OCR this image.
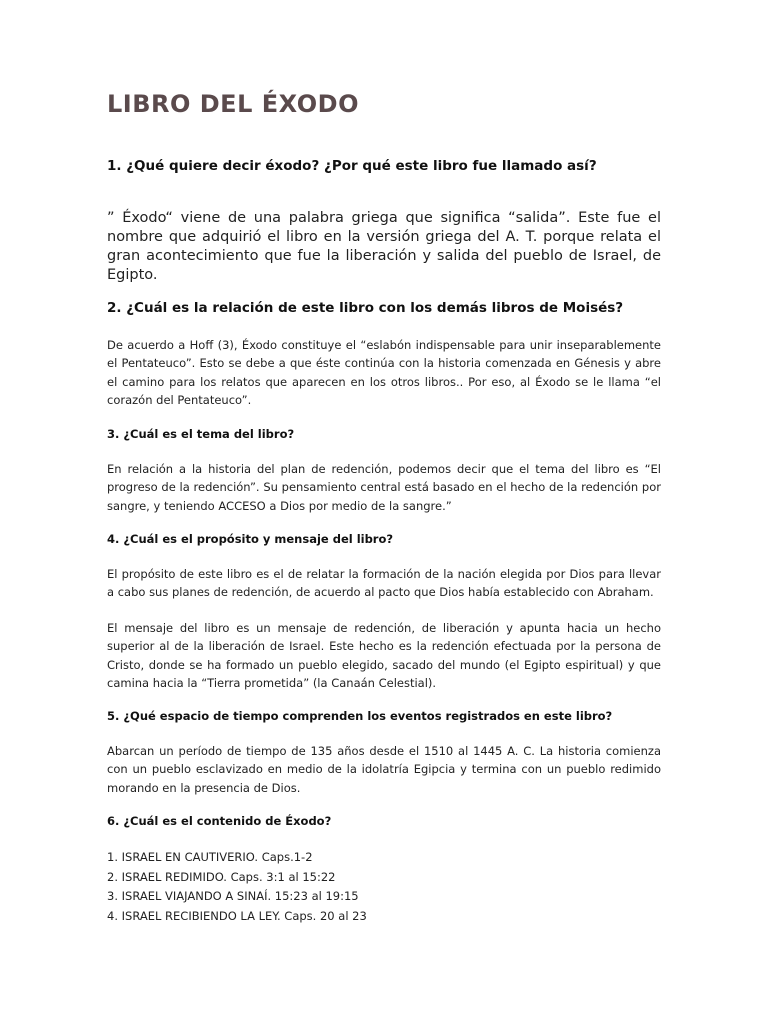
LIBRO DEL ÉXODO
1. ¿Qué quiere decir éxodo? ¿Por qué este libro fue llamado así?

” Éxodo“ viene de una palabra griega que significa “salida”. Este fue el nombre que adquirió el libro en la versión griega del A. T. porque relata el gran acontecimiento que fue la liberación y salida del pueblo de Israel, de Egipto.

2. ¿Cuál es la relación de este libro con los demás libros de Moisés?

De acuerdo a Hoff (3), Éxodo constituye el “eslabón indispensable para unir inseparablemente el Pentateuco”. Esto se debe a que éste continúa con la historia comenzada en Génesis y abre el camino para los relatos que aparecen en los otros libros.. Por eso, al Éxodo se le llama “el corazón del Pentateuco”.

3. ¿Cuál es el tema del libro?

En relación a la historia del plan de redención, podemos decir que el tema del libro es “El progreso de la redención”. Su pensamiento central está basado en el hecho de la redención por sangre, y teniendo ACCESO a Dios por medio de la sangre.”

4. ¿Cuál es el propósito y mensaje del libro?

El propósito de este libro es el de relatar la formación de la nación elegida por Dios para llevar a cabo sus planes de redención, de acuerdo al pacto que Dios había establecido con Abraham.

El mensaje del libro es un mensaje de redención, de liberación y apunta hacia un hecho superior al de la liberación de Israel. Este hecho es la redención efectuada por la persona de Cristo, donde se ha formado un pueblo elegido, sacado del mundo (el Egipto espiritual) y que camina hacia la “Tierra prometida” (la Canaán Celestial).

5. ¿Qué espacio de tiempo comprenden los eventos registrados en este libro?

Abarcan un período de tiempo de 135 años desde el 1510 al 1445 A. C. La historia comienza con un pueblo esclavizado en medio de la idolatría Egipcia y termina con un pueblo redimido morando en la presencia de Dios.

6. ¿Cuál es el contenido de Éxodo?
1. ISRAEL EN CAUTIVERIO. Caps.1-2
2. ISRAEL REDIMIDO. Caps. 3:1 al 15:22
3. ISRAEL VIAJANDO A SINAÍ. 15:23 al 19:15
4. ISRAEL RECIBIENDO LA LEY. Caps. 20 al 23
